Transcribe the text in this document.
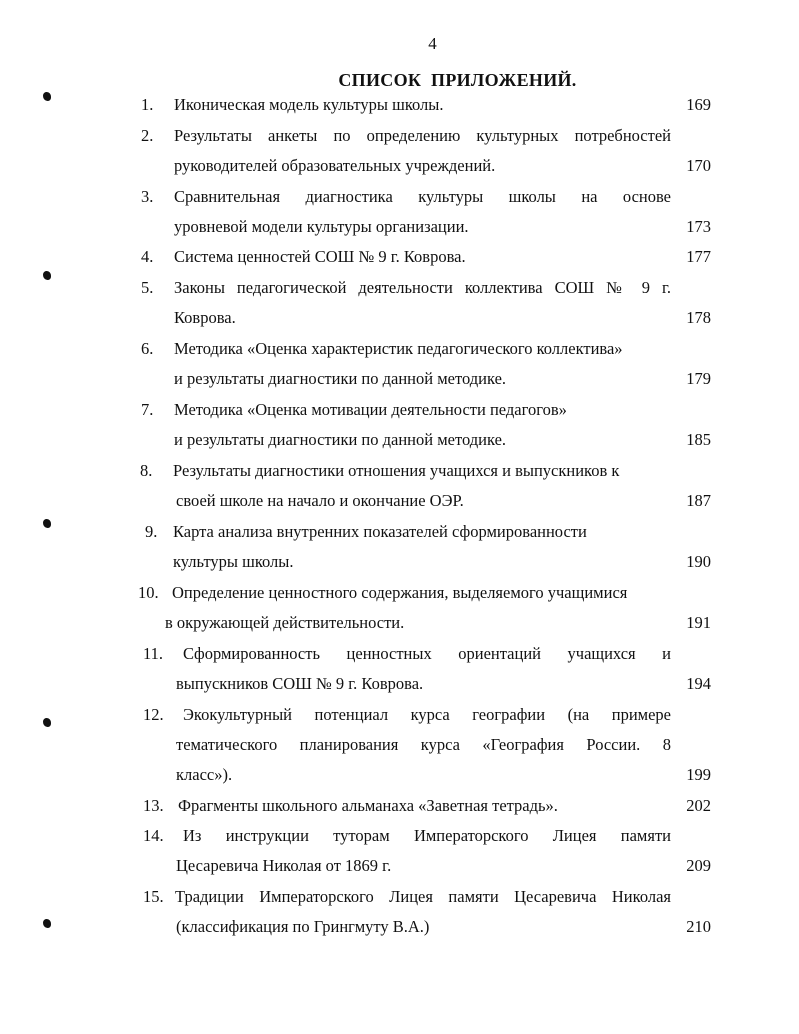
4
СПИСОК ПРИЛОЖЕНИЙ.
1. Иконическая модель культуры школы.	169
2. Результаты анкеты по определению культурных потребностей
руководителей образовательных учреждений.	170
3. Сравнительная диагностика культуры школы на основе
уровневой модели культуры организации.	173
4. Система ценностей СОШ № 9 г. Коврова.	177
5. Законы педагогической деятельности коллектива СОШ № 9 г.
Коврова.	178
6. Методика «Оценка характеристик педагогического коллектива»
и результаты диагностики по данной методике.	179
7. Методика «Оценка мотивации деятельности педагогов»
и результаты диагностики по данной методике.	185
8. Результаты диагностики отношения учащихся и выпускников к
своей школе на начало и окончание ОЭР.	187
9. Карта анализа внутренних показателей сформированности
культуры школы.	190
10. Определение ценностного содержания, выделяемого учащимися
в окружающей действительности.	191
11. Сформированность ценностных ориентаций учащихся и
выпускников СОШ № 9 г. Коврова.	194
12. Экокультурный потенциал курса географии (на примере
тематического планирования курса «География России. 8
класс»).	199
13. Фрагменты школьного альманаха «Заветная тетрадь».	202
14. Из инструкции туторам Императорского Лицея памяти
Цесаревича Николая от 1869 г.	209
15. Традиции Императорского Лицея памяти Цесаревича Николая
(классификация по Грингмуту В.А.)	210
